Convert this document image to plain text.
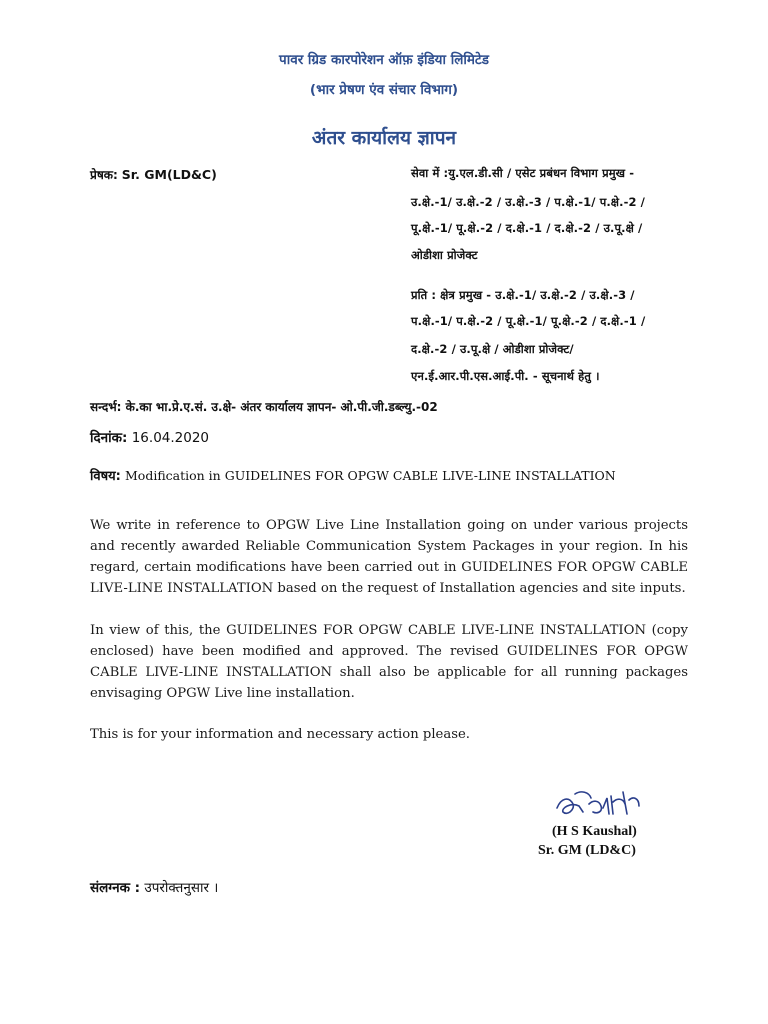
पावर ग्रिड कारपोरेशन ऑफ़ इंडिया लिमिटेड
(भार प्रेषण एंव संचार विभाग)
अंतर कार्यालय ज्ञापन
प्रेषक: Sr. GM(LD&C)	सेवा में :यु.एल.डी.सी / एसेट प्रबंधन विभाग प्रमुख -
उ.क्षे.-1/ उ.क्षे.-2 / उ.क्षे.-3 / प.क्षे.-1/ प.क्षे.-2 /
पू.क्षे.-1/ पू.क्षे.-2 / द.क्षे.-1 / द.क्षे.-2 / उ.पू.क्षे /
ओडीशा प्रोजेक्ट
प्रति : क्षेत्र प्रमुख - उ.क्षे.-1/ उ.क्षे.-2 / उ.क्षे.-3 /
प.क्षे.-1/ प.क्षे.-2 / पू.क्षे.-1/ पू.क्षे.-2 / द.क्षे.-1 /
द.क्षे.-2 / उ.पू.क्षे / ओडीशा प्रोजेक्ट/
एन.ई.आर.पी.एस.आई.पी. - सूचनार्थ हेतु ।
सन्दर्भ: के.का भा.प्रे.ए.सं. उ.क्षे- अंतर कार्यालय ज्ञापन- ओ.पी.जी.डब्ल्यु.-02
दिनांक: 16.04.2020
विषय: Modification in GUIDELINES FOR OPGW CABLE LIVE-LINE INSTALLATION
We write in reference to OPGW Live Line Installation going on under various projects and recently awarded Reliable Communication System Packages in your region. In his regard, certain modifications have been carried out in GUIDELINES FOR OPGW CABLE LIVE-LINE INSTALLATION based on the request of Installation agencies and site inputs.
In view of this, the GUIDELINES FOR OPGW CABLE LIVE-LINE INSTALLATION (copy enclosed) have been modified and approved. The revised GUIDELINES FOR OPGW CABLE LIVE-LINE INSTALLATION shall also be applicable for all running packages envisaging OPGW Live line installation.
This is for your information and necessary action please.
(H S Kaushal)
Sr. GM (LD&C)
संलग्नक : उपरोक्तनुसार ।
